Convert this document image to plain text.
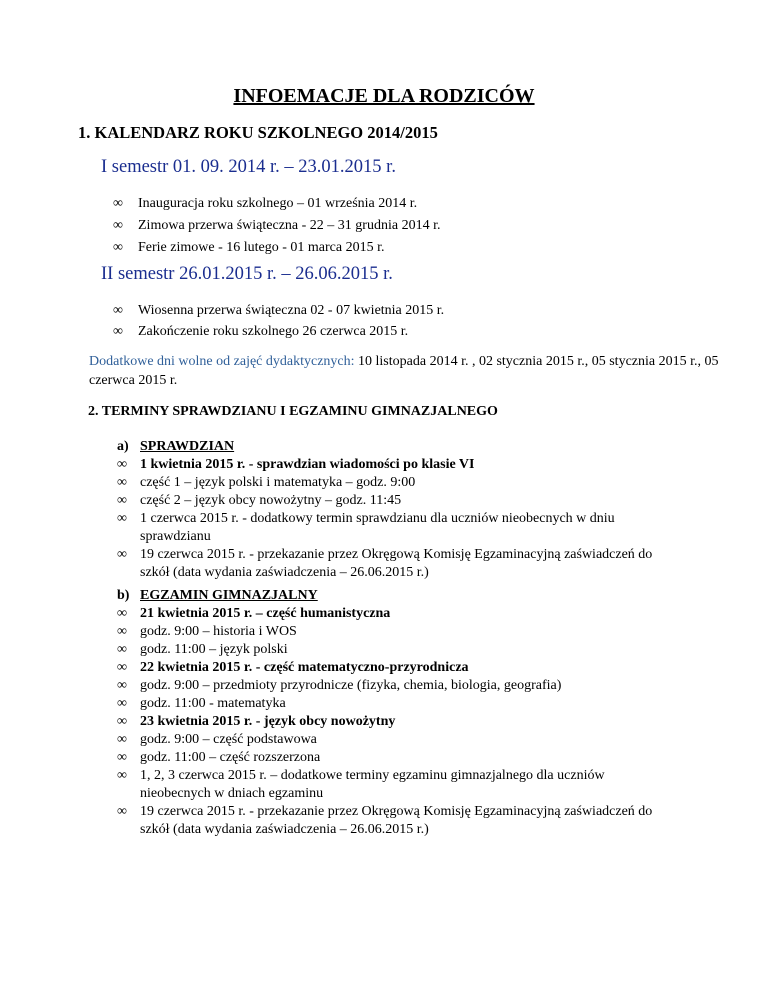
INFOEMACJE DLA RODZICÓW
1. KALENDARZ ROKU SZKOLNEGO 2014/2015
I semestr 01. 09. 2014 r. – 23.01.2015 r.
∞ Inauguracja roku szkolnego – 01 września 2014 r.
∞ Zimowa przerwa świąteczna - 22 – 31 grudnia 2014 r.
∞ Ferie zimowe - 16 lutego - 01 marca 2015 r.
II semestr 26.01.2015 r. – 26.06.2015 r.
∞ Wiosenna przerwa świąteczna 02 - 07 kwietnia 2015 r.
∞ Zakończenie roku szkolnego 26 czerwca 2015 r.
Dodatkowe dni wolne od zajęć dydaktycznych: 10 listopada 2014 r. , 02 stycznia 2015 r., 05 stycznia 2015 r., 05 czerwca 2015 r.
2. TERMINY SPRAWDZIANU I EGZAMINU GIMNAZJALNEGO
a) SPRAWDZIAN
∞ 1 kwietnia 2015 r. - sprawdzian wiadomości po klasie VI
∞ część 1 – język polski i matematyka – godz. 9:00
∞ część 2 – język obcy nowożytny – godz. 11:45
∞ 1 czerwca 2015 r. - dodatkowy termin sprawdzianu dla uczniów nieobecnych w dniu sprawdzianu
∞ 19 czerwca 2015 r. - przekazanie przez Okręgową Komisję Egzaminacyjną zaświadczeń do szkół (data wydania zaświadczenia – 26.06.2015 r.)
b) EGZAMIN GIMNAZJALNY
∞ 21 kwietnia 2015 r. – część humanistyczna
∞ godz. 9:00 – historia i WOS
∞ godz. 11:00 – język polski
∞ 22 kwietnia 2015 r. - część matematyczno-przyrodnicza
∞ godz. 9:00 – przedmioty przyrodnicze (fizyka, chemia, biologia, geografia)
∞ godz. 11:00 - matematyka
∞ 23 kwietnia 2015 r. - język obcy nowożytny
∞ godz. 9:00 – część podstawowa
∞ godz. 11:00 – część rozszerzona
∞ 1, 2, 3 czerwca 2015 r. – dodatkowe terminy egzaminu gimnazjalnego dla uczniów nieobecnych w dniach egzaminu
∞ 19 czerwca 2015 r. - przekazanie przez Okręgową Komisję Egzaminacyjną zaświadczeń do szkół (data wydania zaświadczenia – 26.06.2015 r.)
